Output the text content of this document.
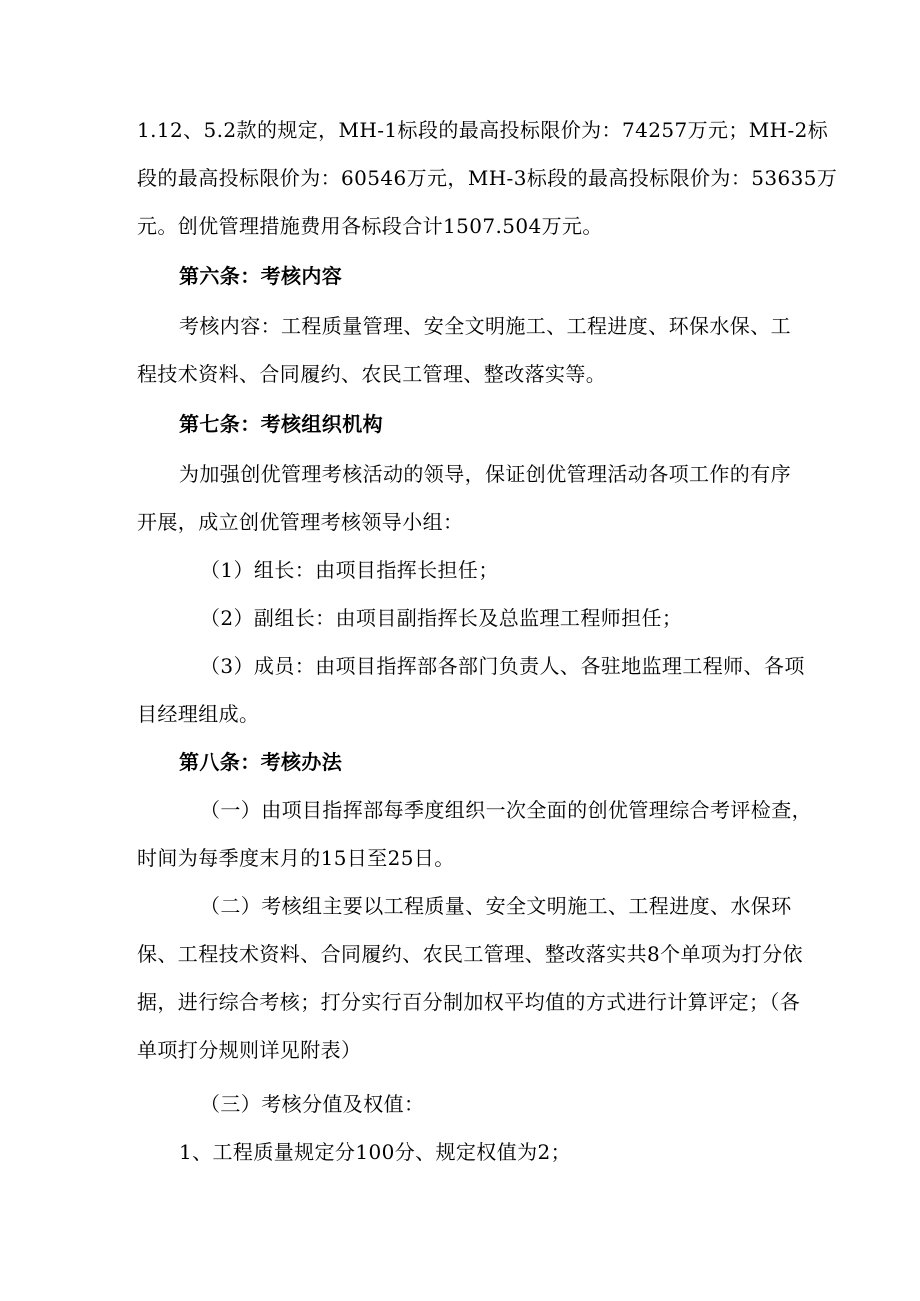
1.12、5.2款的规定，MH-1标段的最高投标限价为：74257万元；MH-2标
段的最高投标限价为：60546万元，MH-3标段的最高投标限价为：53635万
元。创优管理措施费用各标段合计1507.504万元。
第六条：考核内容
考核内容：工程质量管理、安全文明施工、工程进度、环保水保、工
程技术资料、合同履约、农民工管理、整改落实等。
第七条：考核组织机构
为加强创优管理考核活动的领导，保证创优管理活动各项工作的有序
开展，成立创优管理考核领导小组：
（1）组长：由项目指挥长担任；
（2）副组长：由项目副指挥长及总监理工程师担任；
（3）成员：由项目指挥部各部门负责人、各驻地监理工程师、各项
目经理组成。
第八条：考核办法
（一）由项目指挥部每季度组织一次全面的创优管理综合考评检查，
时间为每季度末月的15日至25日。
（二）考核组主要以工程质量、安全文明施工、工程进度、水保环
保、工程技术资料、合同履约、农民工管理、整改落实共8个单项为打分依
据，进行综合考核；打分实行百分制加权平均值的方式进行计算评定；（各
单项打分规则详见附表）
（三）考核分值及权值：
1、工程质量规定分100分、规定权值为2；
